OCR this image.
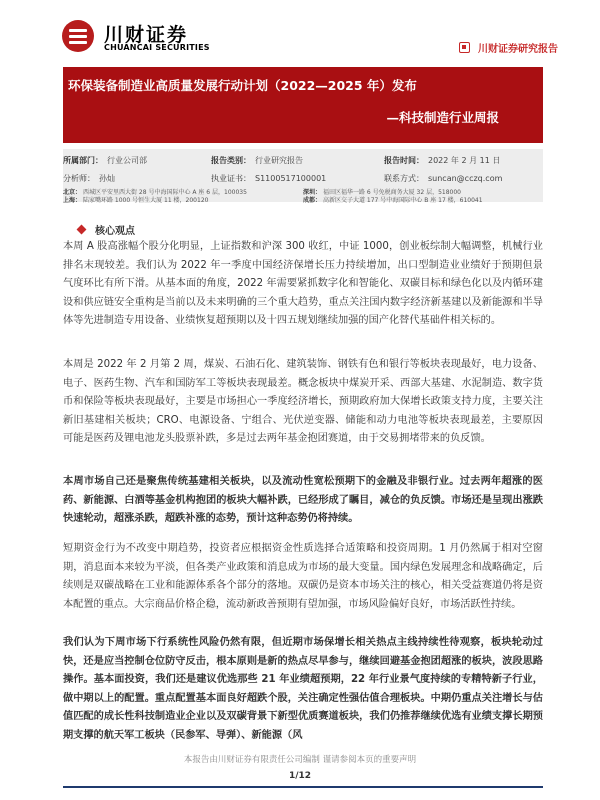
川财证券
CHUANCAI SECURITIES	川财证券研究报告
环保装备制造业高质量发展行动计划（2022—2025 年）发布
—科技制造行业周报
所属部门： 行业公司部	报告类别： 行业研究报告	报告时间： 2022 年 2 月 11 日
分析师： 孙灿	执业证书： S1100517100001	联系方式： suncan@cczq.com
北京： 西城区平安里西大街 28 号中海国际中心 A 座 6 层，100035	深圳： 福田区福华一路 6 号免税商务大厦 32 层，518000
上海： 陆家嘴环路 1000 号恒生大厦 11 楼，200120	成都： 高新区交子大道 177 号中海国际中心 B 座 17 楼，610041
核心观点
本周 A 股高涨幅个股分化明显，上证指数和沪深 300 收红，中证 1000，创业板综制大幅调整，机械行业排名末现较差。我们认为 2022 年一季度中国经济保增长压力持续增加，出口型制造业业绩好于预期但景气度环比有所下滑。从基本面的角度，2022 年需要紧抓数字化和智能化、双碳目标和绿色化以及内循环建设和供应链安全重构是当前以及未来明确的三个重大趋势，重点关注国内数字经济新基建以及新能源和半导体等先进制造专用设备、业绩恢复超预期以及十四五规划继续加强的国产化替代基础件相关标的。
本周是 2022 年 2 月第 2 周，煤炭、石油石化、建筑装饰、钢铁有色和银行等板块表现最好，电力设备、电子、医药生物、汽车和国防军工等板块表现最差。概念板块中煤炭开采、西部大基建、水泥制造、数字货币和保险等板块表现最好，主要是市场担心一季度经济增长，预期政府加大保增长政策支持力度，主要关注新旧基建相关板块；CRO、电源设备、宁组合、光伏逆变器、储能和动力电池等板块表现最差，主要原因可能是医药及锂电池龙头股票补跌，多是过去两年基金抱团赛道，由于交易拥堵带来的负反馈。
本周市场自己还是聚焦传统基建相关板块，以及流动性宽松预期下的金融及非银行业。过去两年超涨的医药、新能源、白酒等基金机构抱团的板块大幅补跌，已经形成了瞩目，减仓的负反馈。市场还是呈现出涨跌快速轮动，超涨杀跌，超跌补涨的态势，预计这种态势仍将持续。
短期资金行为不改变中期趋势，投资者应根据资金性质选择合适策略和投资周期。1 月仍然属于相对空窗期，消息面本来较为平淡，但各类产业政策和消息成为市场的最大变量。国内绿色发展理念和战略确定，后续则是双碳战略在工业和能源体系各个部分的落地。双碳仍是资本市场关注的核心，相关受益赛道仍将是资本配置的重点。大宗商品价格企稳，流动新政善预期有望加强，市场风险偏好良好，市场活跃性持续。
我们认为下周市场下行系统性风险仍然有限，但近期市场保增长相关热点主线持续性待观察，板块轮动过快，还是应当控制仓位防守反击，根本原则是新的热点尽早参与，继续回避基金抱团超涨的板块，波段思路操作。基本面投资，我们还是建议优选那些 21 年业绩超预期，22 年行业景气度持续的专精特新子行业，做中期以上的配置。重点配置基本面良好超跌个股，关注确定性强估值合理板块。中期仍重点关注增长与估值匹配的成长性科技制造业企业以及双碳背景下新型优质赛道板块，我们仍推荐继续优选有业绩支撑长期预期支撑的航天军工板块（民参军、导弹）、新能源（风
本报告由川财证券有限责任公司编制 谨请参阅本页的重要声明
1/12
